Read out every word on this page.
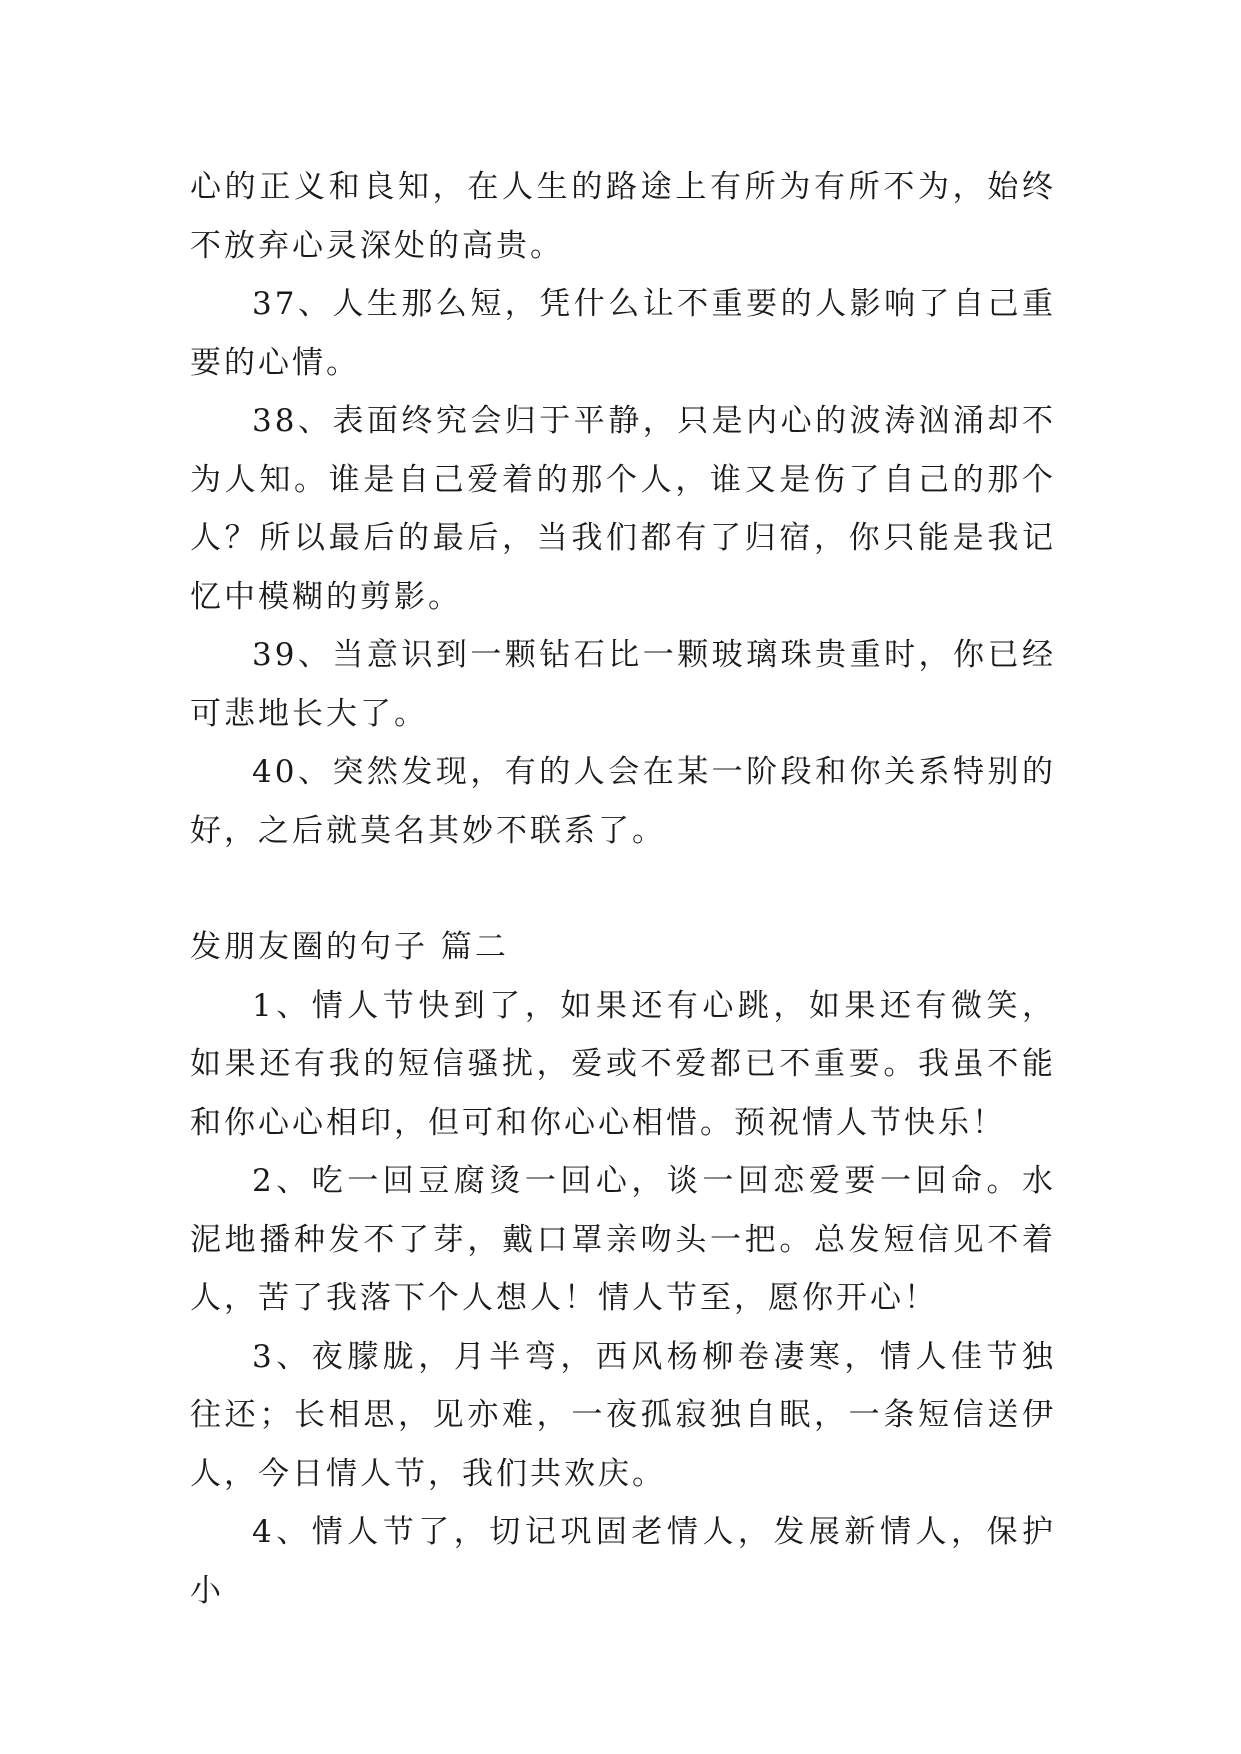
心的正义和良知，在人生的路途上有所为有所不为，始终不放弃心灵深处的高贵。

37、人生那么短，凭什么让不重要的人影响了自己重要的心情。

38、表面终究会归于平静，只是内心的波涛汹涌却不为人知。谁是自己爱着的那个人，谁又是伤了自己的那个人？所以最后的最后，当我们都有了归宿，你只能是我记忆中模糊的剪影。

39、当意识到一颗钻石比一颗玻璃珠贵重时，你已经可悲地长大了。

40、突然发现，有的人会在某一阶段和你关系特别的好，之后就莫名其妙不联系了。

发朋友圈的句子 篇二

1、情人节快到了，如果还有心跳，如果还有微笑，如果还有我的短信骚扰，爱或不爱都已不重要。我虽不能和你心心相印，但可和你心心相惜。预祝情人节快乐！

2、吃一回豆腐烫一回心，谈一回恋爱要一回命。水泥地播种发不了芽，戴口罩亲吻头一把。总发短信见不着人，苦了我落下个人想人！情人节至，愿你开心！

3、夜朦胧，月半弯，西风杨柳卷凄寒，情人佳节独往还；长相思，见亦难，一夜孤寂独自眠，一条短信送伊人，今日情人节，我们共欢庆。

4、情人节了，切记巩固老情人，发展新情人，保护小
